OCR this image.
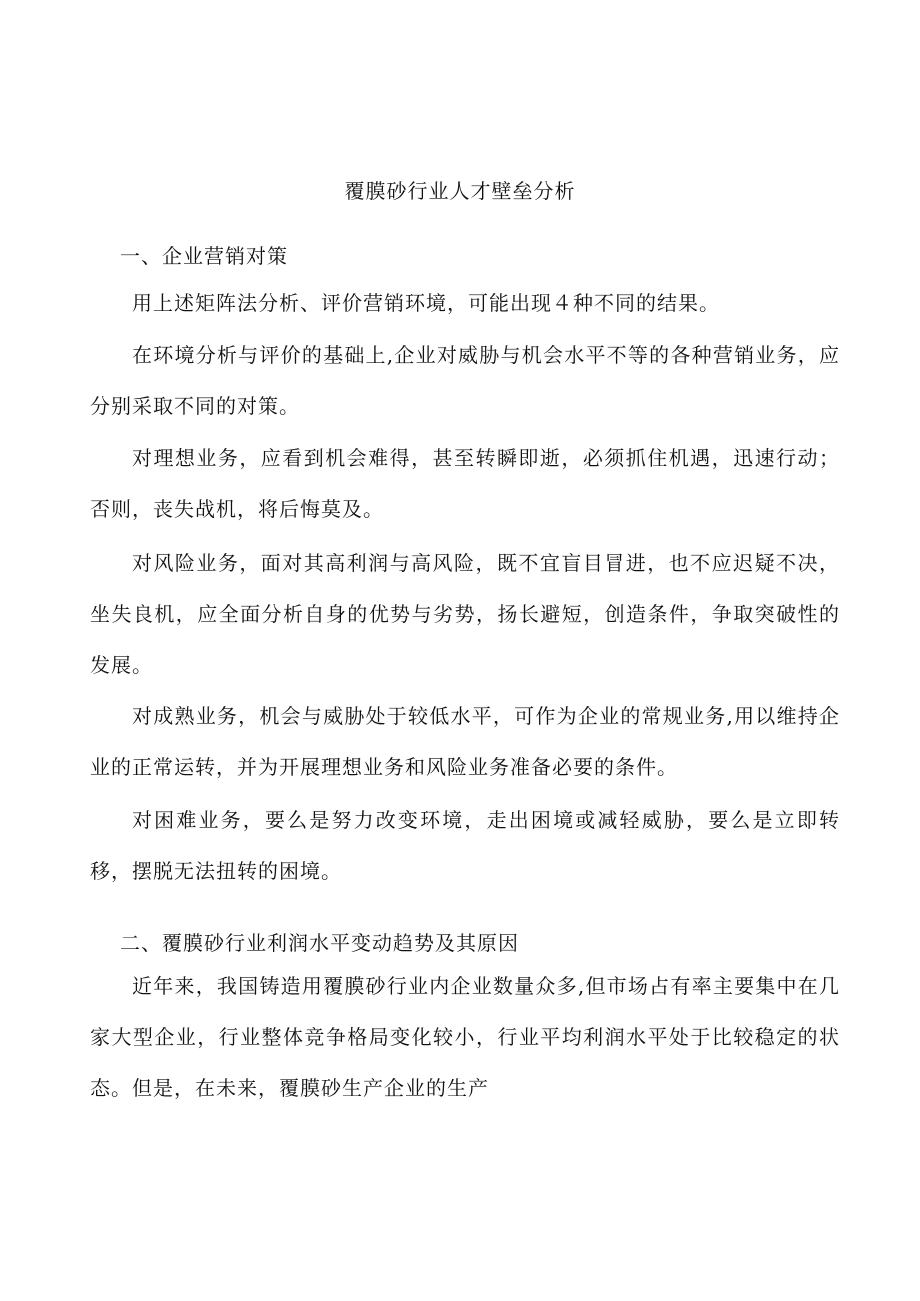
覆膜砂行业人才壁垒分析
一、企业营销对策

用上述矩阵法分析、评价营销环境，可能出现４种不同的结果。

在环境分析与评价的基础上,企业对威胁与机会水平不等的各种营销业务，应分别采取不同的对策。

对理想业务，应看到机会难得，甚至转瞬即逝，必须抓住机遇，迅速行动；否则，丧失战机，将后悔莫及。

对风险业务，面对其高利润与高风险，既不宜盲目冒进，也不应迟疑不决，坐失良机，应全面分析自身的优势与劣势，扬长避短，创造条件，争取突破性的发展。

对成熟业务，机会与威胁处于较低水平，可作为企业的常规业务,用以维持企业的正常运转，并为开展理想业务和风险业务准备必要的条件。

对困难业务，要么是努力改变环境，走出困境或减轻威胁，要么是立即转移，摆脱无法扭转的困境。

二、覆膜砂行业利润水平变动趋势及其原因

近年来，我国铸造用覆膜砂行业内企业数量众多,但市场占有率主要集中在几家大型企业，行业整体竞争格局变化较小，行业平均利润水平处于比较稳定的状态。但是，在未来，覆膜砂生产企业的生产
